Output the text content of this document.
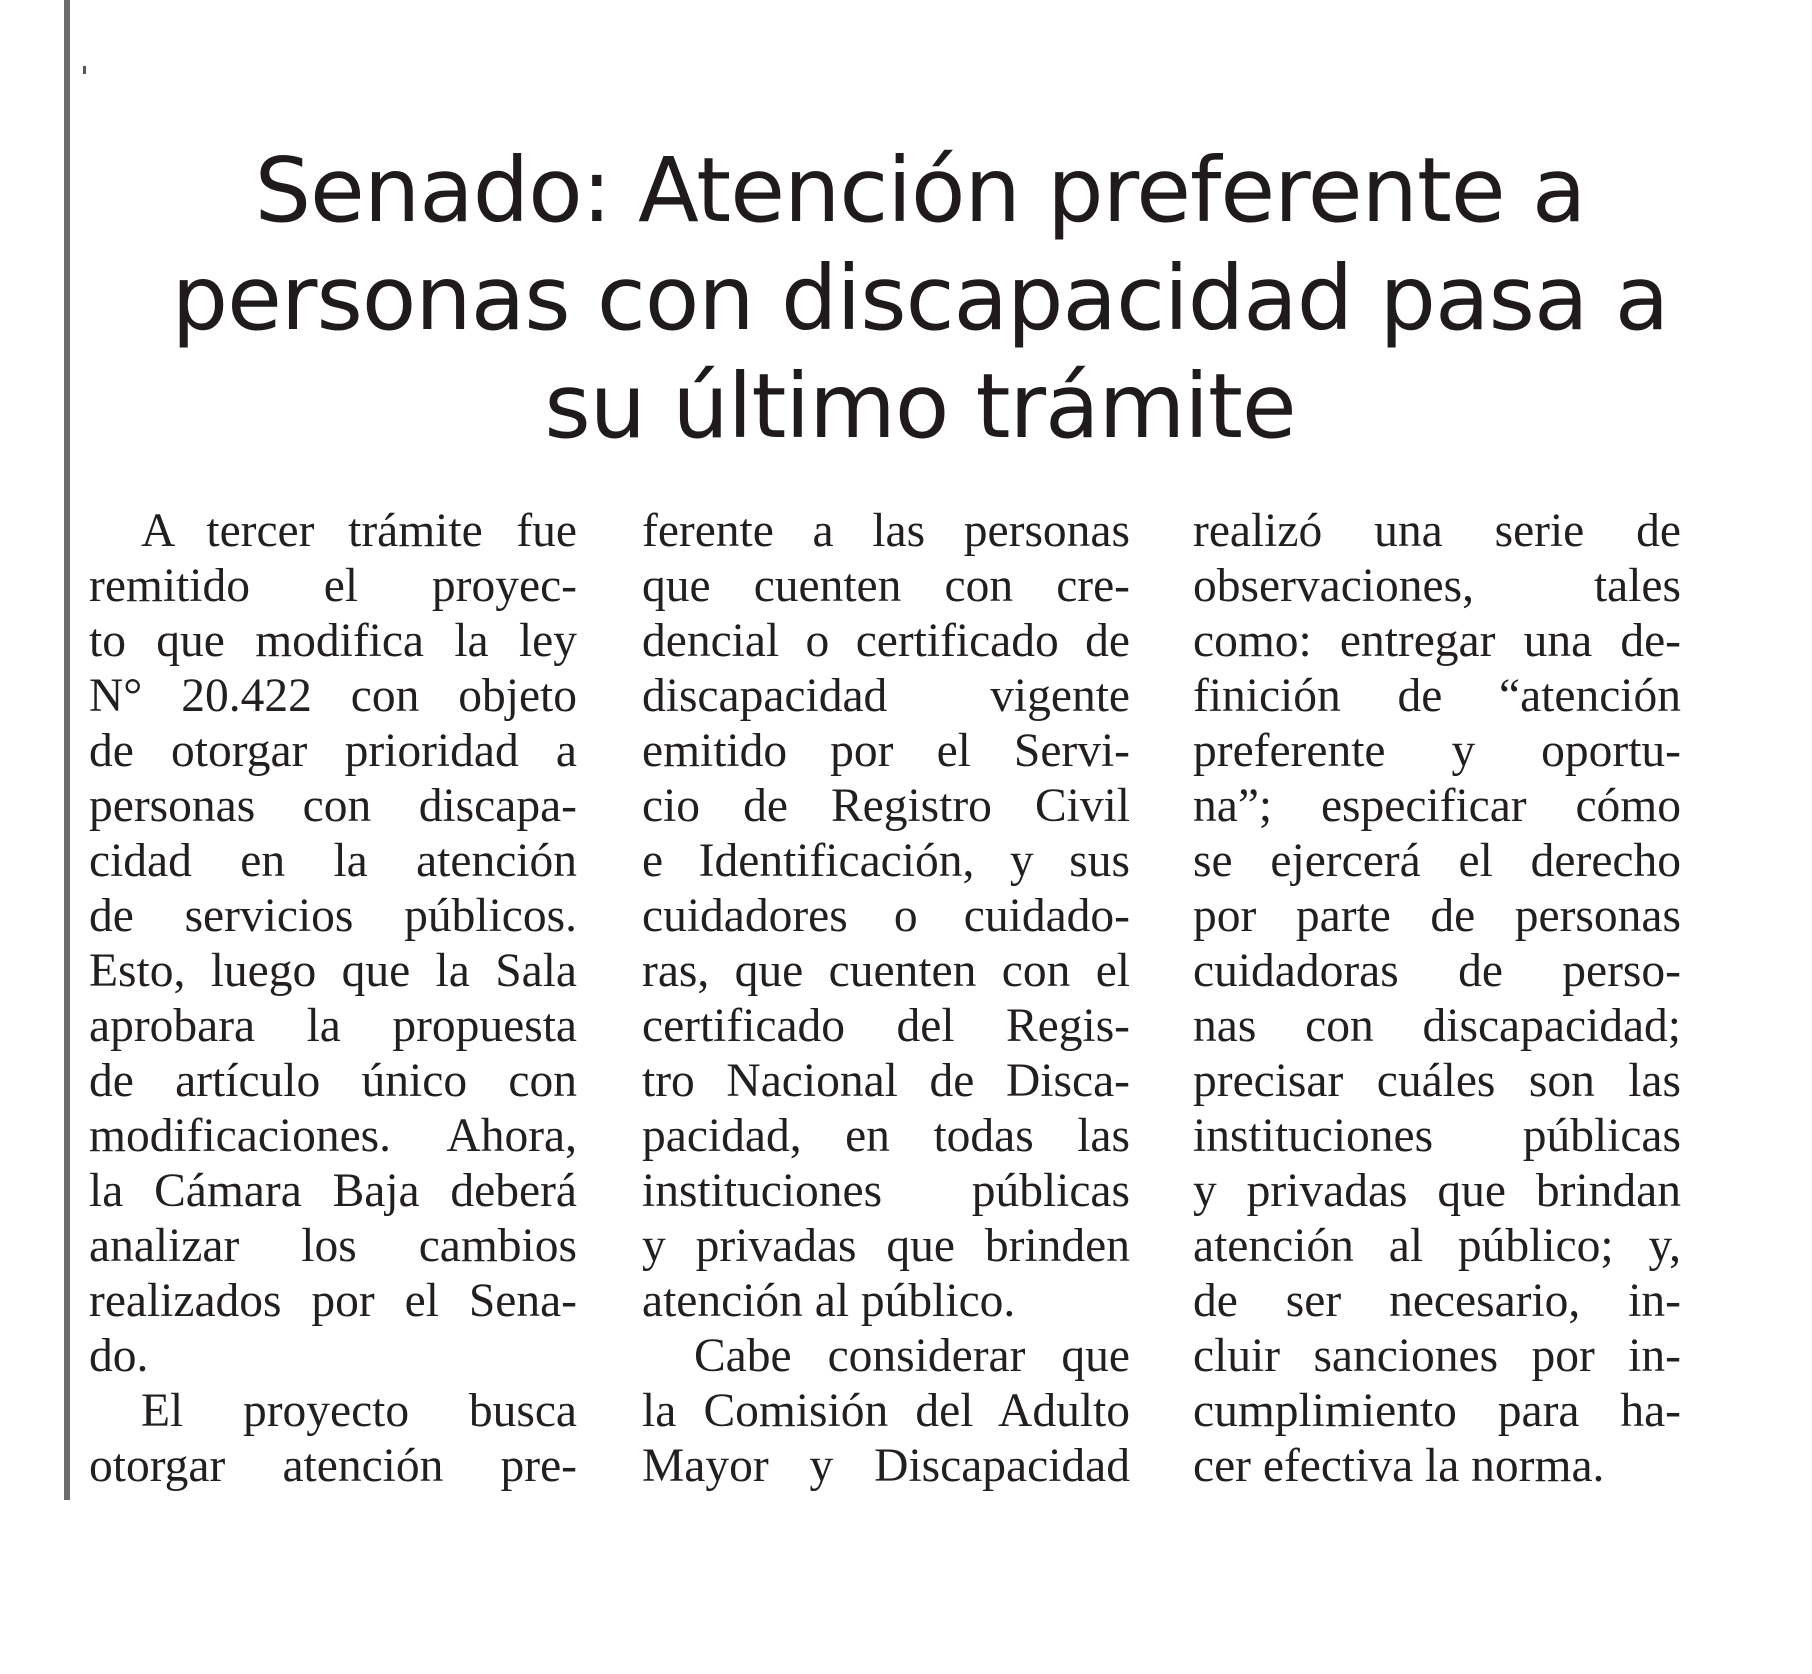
Senado: Atención preferente a
personas con discapacidad pasa a
su último trámite
A tercer trámite fue
remitido el proyec-
to que modifica la ley
N° 20.422 con objeto
de otorgar prioridad a
personas con discapa-
cidad en la atención
de servicios públicos.
Esto, luego que la Sala
aprobara la propuesta
de artículo único con
modificaciones. Ahora,
la Cámara Baja deberá
analizar los cambios
realizados por el Sena-
do.
El proyecto busca
otorgar atención pre-
ferente a las personas
que cuenten con cre-
dencial o certificado de
discapacidad vigente
emitido por el Servi-
cio de Registro Civil
e Identificación, y sus
cuidadores o cuidado-
ras, que cuenten con el
certificado del Regis-
tro Nacional de Disca-
pacidad, en todas las
instituciones públicas
y privadas que brinden
atención al público.
Cabe considerar que
la Comisión del Adulto
Mayor y Discapacidad
realizó una serie de
observaciones, tales
como: entregar una de-
finición de “atención
preferente y oportu-
na”; especificar cómo
se ejercerá el derecho
por parte de personas
cuidadoras de perso-
nas con discapacidad;
precisar cuáles son las
instituciones públicas
y privadas que brindan
atención al público; y,
de ser necesario, in-
cluir sanciones por in-
cumplimiento para ha-
cer efectiva la norma.
